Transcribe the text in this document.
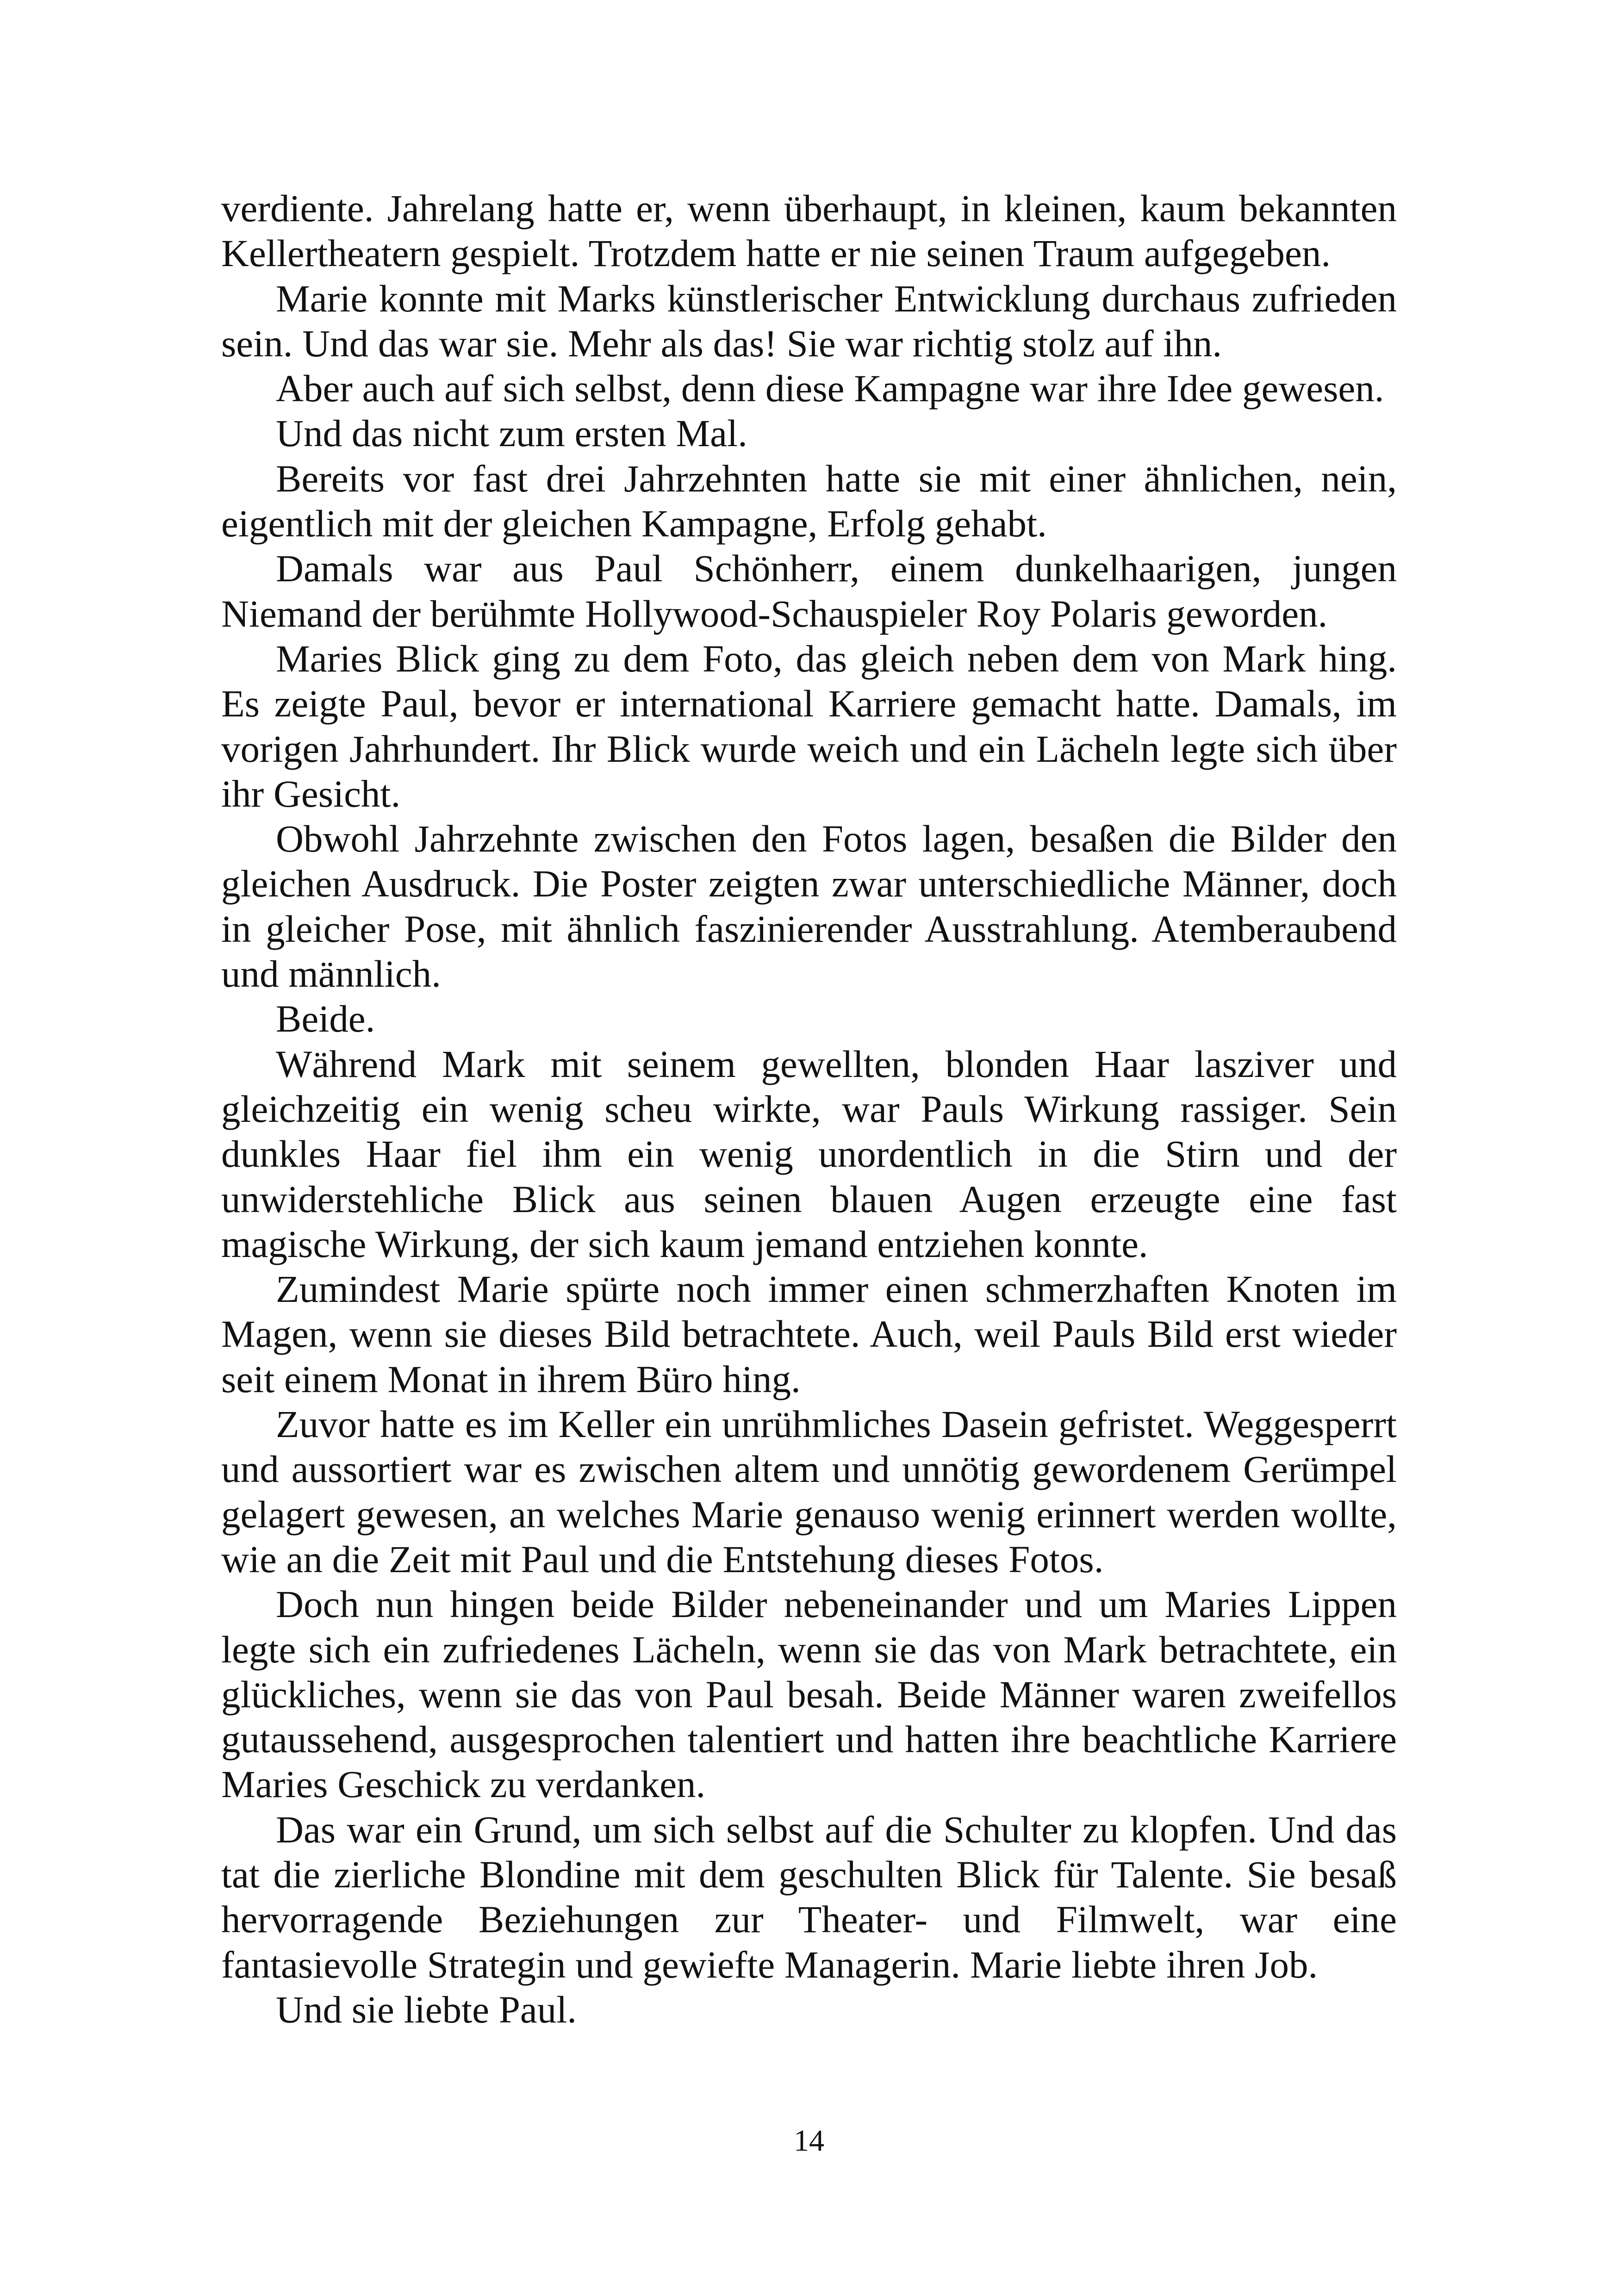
verdiente. Jahrelang hatte er, wenn überhaupt, in kleinen, kaum bekannten Kellertheatern gespielt. Trotzdem hatte er nie seinen Traum aufgegeben.

Marie konnte mit Marks künstlerischer Entwicklung durchaus zufrieden sein. Und das war sie. Mehr als das! Sie war richtig stolz auf ihn.

Aber auch auf sich selbst, denn diese Kampagne war ihre Idee gewesen.

Und das nicht zum ersten Mal.

Bereits vor fast drei Jahrzehnten hatte sie mit einer ähnlichen, nein, eigentlich mit der gleichen Kampagne, Erfolg gehabt.

Damals war aus Paul Schönherr, einem dunkelhaarigen, jungen Niemand der berühmte Hollywood-Schauspieler Roy Polaris geworden.

Maries Blick ging zu dem Foto, das gleich neben dem von Mark hing. Es zeigte Paul, bevor er international Karriere gemacht hatte. Damals, im vorigen Jahrhundert. Ihr Blick wurde weich und ein Lächeln legte sich über ihr Gesicht.

Obwohl Jahrzehnte zwischen den Fotos lagen, besaßen die Bilder den gleichen Ausdruck. Die Poster zeigten zwar unterschiedliche Männer, doch in gleicher Pose, mit ähnlich faszinierender Ausstrahlung. Atemberaubend und männlich.

Beide.

Während Mark mit seinem gewellten, blonden Haar lasziver und gleichzeitig ein wenig scheu wirkte, war Pauls Wirkung rassiger. Sein dunkles Haar fiel ihm ein wenig unordentlich in die Stirn und der unwiderstehliche Blick aus seinen blauen Augen erzeugte eine fast magische Wirkung, der sich kaum jemand entziehen konnte.

Zumindest Marie spürte noch immer einen schmerzhaften Knoten im Magen, wenn sie dieses Bild betrachtete. Auch, weil Pauls Bild erst wieder seit einem Monat in ihrem Büro hing.

Zuvor hatte es im Keller ein unrühmliches Dasein gefristet. Weggesperrt und aussortiert war es zwischen altem und unnötig gewordenem Gerümpel gelagert gewesen, an welches Marie genauso wenig erinnert werden wollte, wie an die Zeit mit Paul und die Entstehung dieses Fotos.

Doch nun hingen beide Bilder nebeneinander und um Maries Lippen legte sich ein zufriedenes Lächeln, wenn sie das von Mark betrachtete, ein glückliches, wenn sie das von Paul besah. Beide Männer waren zweifellos gutaussehend, ausgesprochen talentiert und hatten ihre beachtliche Karriere Maries Geschick zu verdanken.

Das war ein Grund, um sich selbst auf die Schulter zu klopfen. Und das tat die zierliche Blondine mit dem geschulten Blick für Talente. Sie besaß hervorragende Beziehungen zur Theater- und Filmwelt, war eine fantasievolle Strategin und gewiefte Managerin. Marie liebte ihren Job.

Und sie liebte Paul.

14
